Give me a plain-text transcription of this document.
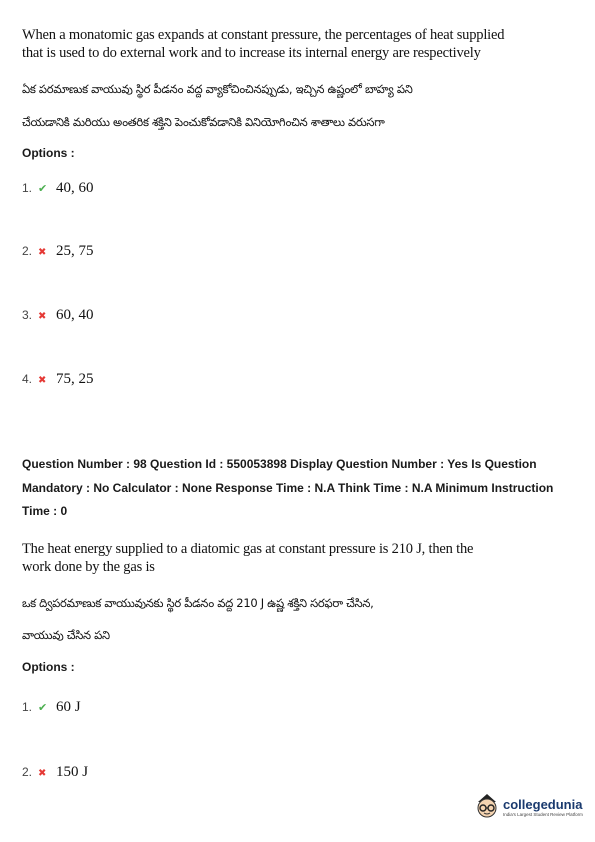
When a monatomic gas expands at constant pressure, the percentages of heat supplied
that is used to do external work and to increase its internal energy are respectively
ఏక పరమాణుక వాయువు స్థిర పీడనం వద్ద వ్యాకోచించినప్పుడు, ఇచ్చిన ఉష్ణంలో బాహ్య పని
చేయడానికి మరియు అంతరిక శక్తిని పెంచుకోవడానికి వినియోగించిన శాతాలు వరుసగా
Options :
1. ✔ 40, 60
2. ✖ 25, 75
3. ✖ 60, 40
4. ✖ 75, 25
Question Number : 98 Question Id : 550053898 Display Question Number : Yes Is Question Mandatory : No Calculator : None Response Time : N.A Think Time : N.A Minimum Instruction Time : 0
The heat energy supplied to a diatomic gas at constant pressure is 210 J, then the
work done by the gas is
ఒక ద్విపరమాణుక వాయువునకు స్థిర పీడనం వద్ద 210 J ఉష్ణ శక్తిని సరఫరా చేసిన,
వాయువు చేసిన పని
Options :
1. ✔ 60 J
2. ✖ 150 J
collegedunia
India's Largest Student Review Platform
